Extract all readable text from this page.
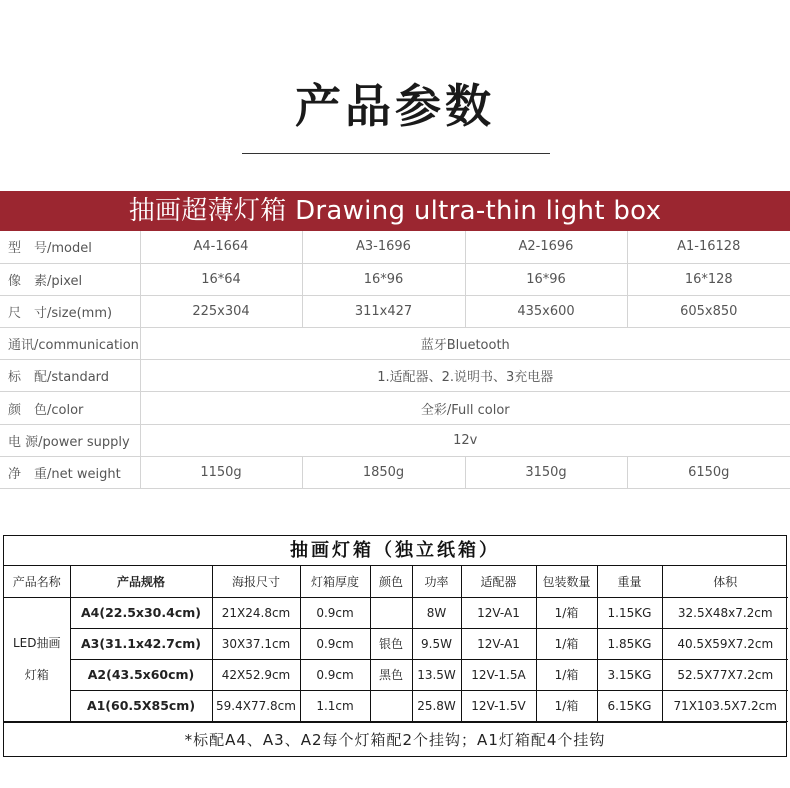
产品参数
抽画超薄灯箱 Drawing ultra-thin light box
型　号/model	A4-1664	A3-1696	A2-1696	A1-16128
像　素/pixel	16*64	16*96	16*96	16*128
尺　寸/size(mm)	225x304	311x427	435x600	605x850
通讯/communication	蓝牙Bluetooth			
标　配/standard	1.适配器、2.说明书、3充电器			
颜　色/color	全彩/Full color			
电 源/power supply	12v			
净　重/net weight	1150g	1850g	3150g	6150g
抽画灯箱（独立纸箱）
产品名称	产品规格	海报尺寸	灯箱厚度	颜色	功率	适配器	包装数量	重量	体积

LED抽画
灯箱	A4(22.5x30.4cm)	21X24.8cm	0.9cm		8W	12V-A1	1/箱	1.15KG	32.5X48x7.2cm
	A3(31.1x42.7cm)	30X37.1cm	0.9cm	银色	9.5W	12V-A1	1/箱	1.85KG	40.5X59X7.2cm
	A2(43.5x60cm)	42X52.9cm	0.9cm	黑色	13.5W	12V-1.5A	1/箱	3.15KG	52.5X77X7.2cm
	A1(60.5X85cm)	59.4X77.8cm	1.1cm		25.8W	12V-1.5V	1/箱	6.15KG	71X103.5X7.2cm
*标配A4、A3、A2每个灯箱配2个挂钩；A1灯箱配4个挂钩
